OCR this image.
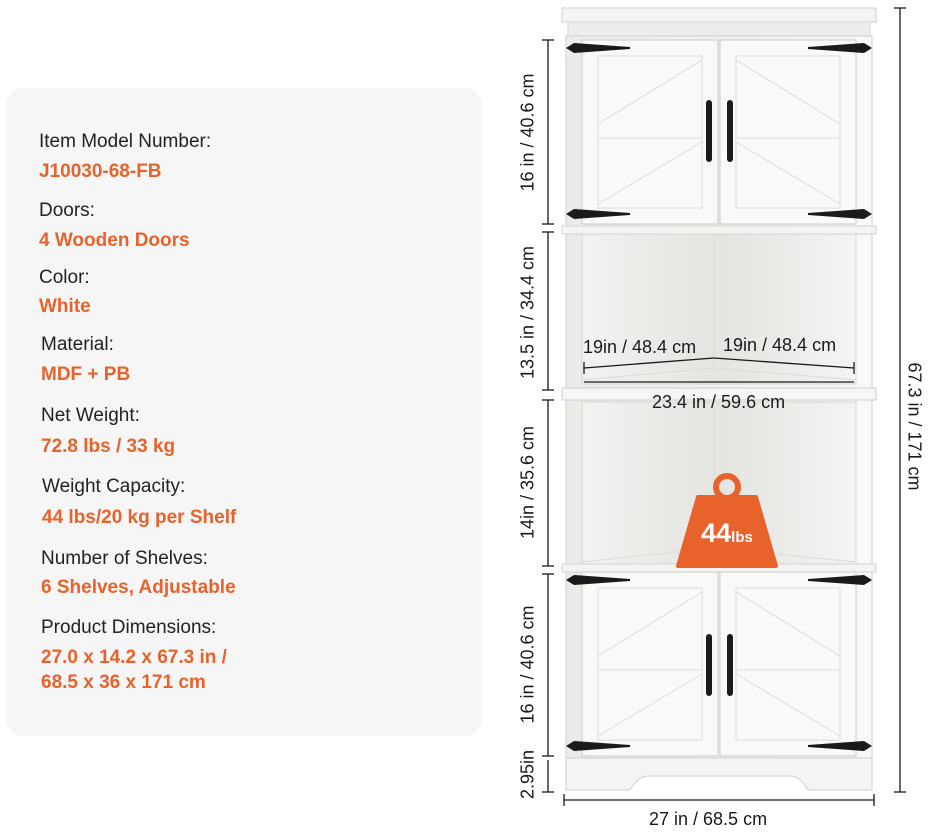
Item Model Number:
J10030-68-FB
Doors:
4 Wooden Doors
Color:
White
Material:
MDF + PB
Net Weight:
72.8 lbs / 33 kg
Weight Capacity:
44 lbs/20 kg per Shelf
Number of Shelves:
6 Shelves, Adjustable
Product Dimensions:
27.0 x 14.2 x 67.3 in /
68.5 x 36 x 171 cm
44lbs
16 in / 40.6 cm
13.5 in / 34.4 cm
14in / 35.6 cm
16 in / 40.6 cm
2.95in
67.3 in / 171 cm
19in / 48.4 cm 19in / 48.4 cm
23.4 in / 59.6 cm
27 in / 68.5 cm
